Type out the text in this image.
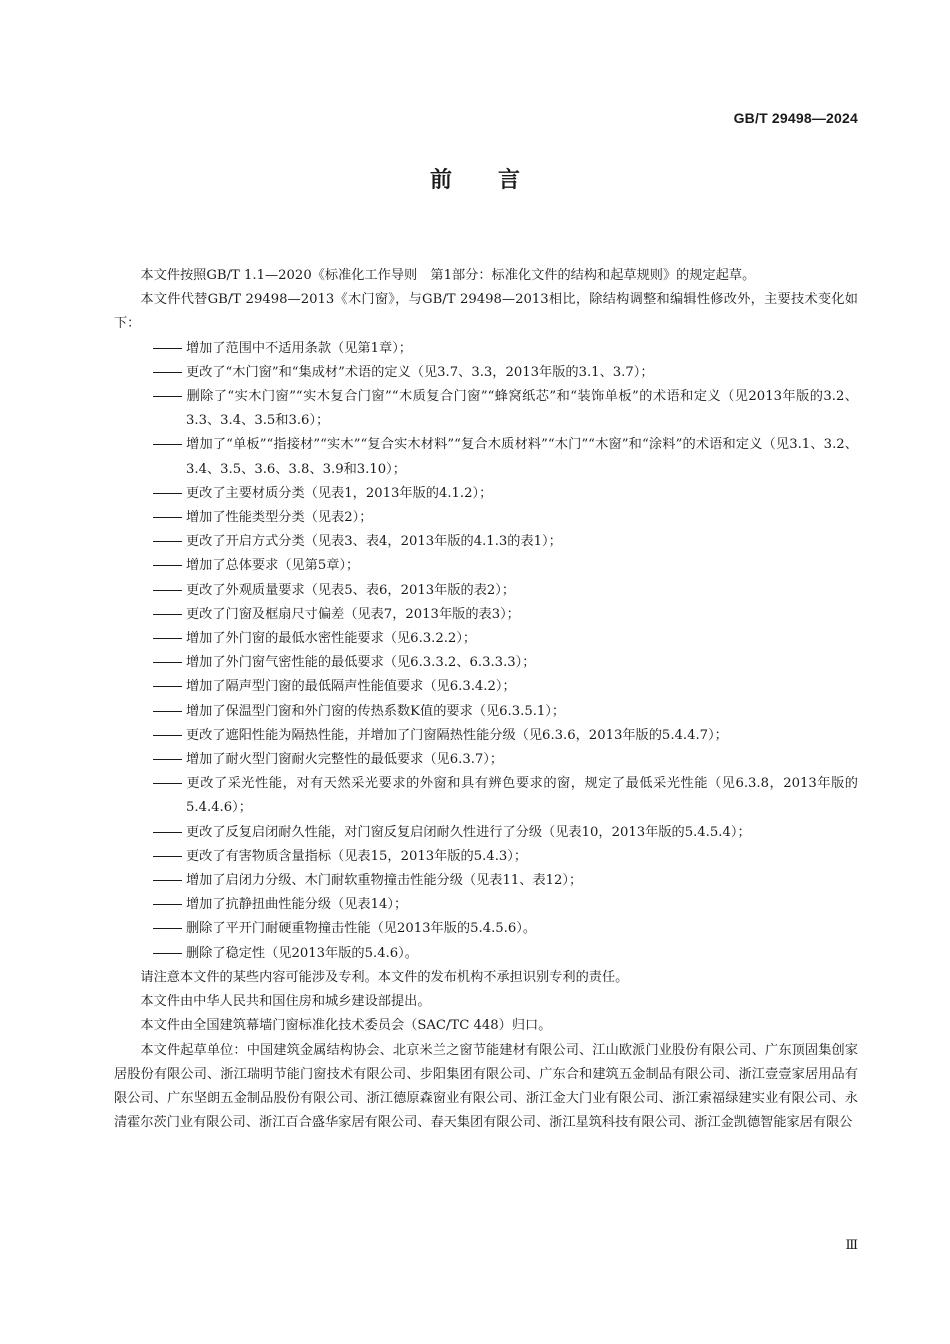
GB/T 29498—2024
前言

本文件按照GB/T 1.1—2020《标准化工作导则　第1部分：标准化文件的结构和起草规则》的规定起草。

本文件代替GB/T 29498—2013《木门窗》，与GB/T 29498—2013相比，除结构调整和编辑性修改外，主要技术变化如下：

增加了范围中不适用条款（见第1章）；

更改了“木门窗”和“集成材”术语的定义（见3.7、3.3，2013年版的3.1、3.7）；

删除了“实木门窗”“实木复合门窗”“木质复合门窗”“蜂窝纸芯”和“装饰单板”的术语和定义（见2013年版的3.2、3.3、3.4、3.5和3.6）；

增加了“单板”“指接材”“实木”“复合实木材料”“复合木质材料”“木门”“木窗”和“涂料”的术语和定义（见3.1、3.2、3.4、3.5、3.6、3.8、3.9和3.10）；

更改了主要材质分类（见表1，2013年版的4.1.2）；

增加了性能类型分类（见表2）；

更改了开启方式分类（见表3、表4，2013年版的4.1.3的表1）；

增加了总体要求（见第5章）；

更改了外观质量要求（见表5、表6，2013年版的表2）；

更改了门窗及框扇尺寸偏差（见表7，2013年版的表3）；

增加了外门窗的最低水密性能要求（见6.3.2.2）；

增加了外门窗气密性能的最低要求（见6.3.3.2、6.3.3.3）；

增加了隔声型门窗的最低隔声性能值要求（见6.3.4.2）；

增加了保温型门窗和外门窗的传热系数K值的要求（见6.3.5.1）；

更改了遮阳性能为隔热性能，并增加了门窗隔热性能分级（见6.3.6，2013年版的5.4.4.7）；

增加了耐火型门窗耐火完整性的最低要求（见6.3.7）；

更改了采光性能，对有天然采光要求的外窗和具有辨色要求的窗，规定了最低采光性能（见6.3.8，2013年版的5.4.4.6）；

更改了反复启闭耐久性能，对门窗反复启闭耐久性进行了分级（见表10，2013年版的5.4.5.4）；

更改了有害物质含量指标（见表15，2013年版的5.4.3）；

增加了启闭力分级、木门耐软重物撞击性能分级（见表11、表12）；

增加了抗静扭曲性能分级（见表14）；

删除了平开门耐硬重物撞击性能（见2013年版的5.4.5.6）。

删除了稳定性（见2013年版的5.4.6）。

请注意本文件的某些内容可能涉及专利。本文件的发布机构不承担识别专利的责任。

本文件由中华人民共和国住房和城乡建设部提出。

本文件由全国建筑幕墙门窗标准化技术委员会（SAC/TC 448）归口。

本文件起草单位：中国建筑金属结构协会、北京米兰之窗节能建材有限公司、江山欧派门业股份有限公司、广东顶固集创家居股份有限公司、浙江瑞明节能门窗技术有限公司、步阳集团有限公司、广东合和建筑五金制品有限公司、浙江壹壹家居用品有限公司、广东坚朗五金制品股份有限公司、浙江德原森窗业有限公司、浙江金大门业有限公司、浙江索福绿建实业有限公司、永清霍尔茨门业有限公司、浙江百合盛华家居有限公司、春天集团有限公司、浙江星筑科技有限公司、浙江金凯德智能家居有限公

Ⅲ
